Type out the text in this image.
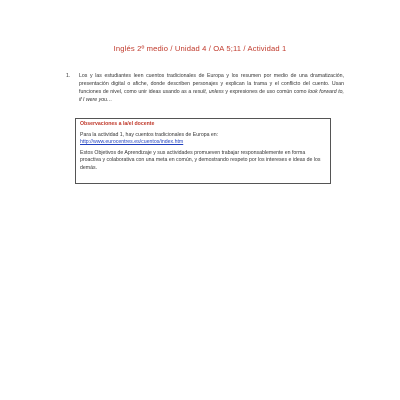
Inglés 2º medio / Unidad 4 / OA 5;11 / Actividad 1
1. Los y las estudiantes leen cuentos tradicionales de Europa y los resumen por medio de una dramatización, presentación digital o afiche, donde describen personajes y explican la trama y el conflicto del cuento. Usan funciones de nivel, como unir ideas usando as a result, unless y expresiones de uso común como look forward to, if I were you…
Observaciones a la/el docente

Para la actividad 1, hay cuentos tradicionales de Europa en:
http://www.eurocentres.es/cuentos/index.htm

Estos Objetivos de Aprendizaje y sus actividades promueven trabajar responsablemente en forma proactiva y colaborativa con una meta en común, y demostrando respeto por los intereses e ideas de los demás.
